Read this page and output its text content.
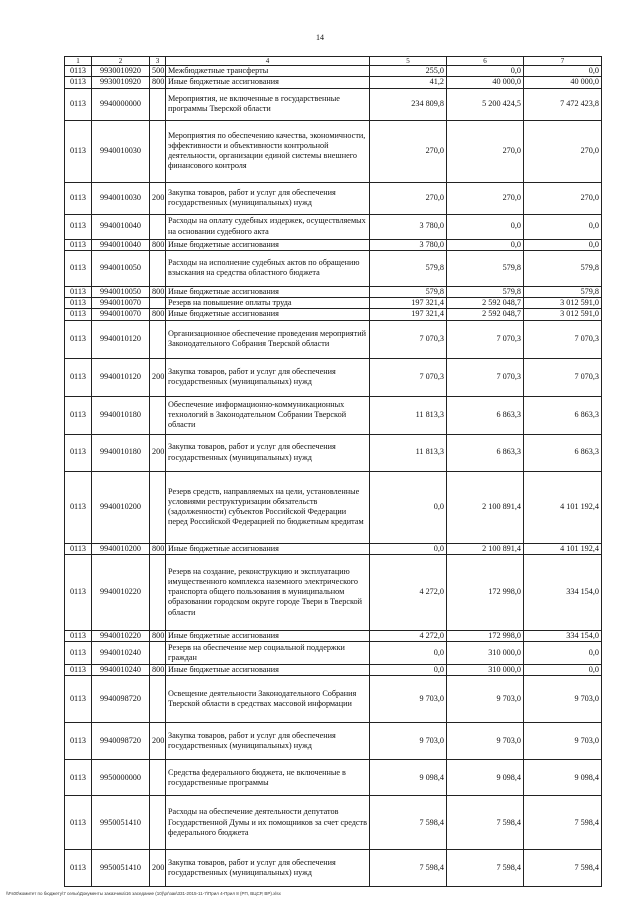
14
1	2	3	4	5	6	7
0113	9930010920	500	Межбюджетные трансферты	255,0	0,0	0,0
0113	9930010920	800	Иные бюджетные ассигнования	41,2	40 000,0	40 000,0
0113	9940000000		Мероприятия, не включенные в государственные программы Тверской области	234 809,8	5 200 424,5	7 472 423,8
0113	9940010030		Мероприятия по обеспечению качества, экономичности, эффективности и объективности контрольной деятельности, организации единой системы внешнего финансового контроля	270,0	270,0	270,0
0113	9940010030	200	Закупка товаров, работ и услуг для обеспечения государственных (муниципальных) нужд	270,0	270,0	270,0
0113	9940010040		Расходы на оплату судебных издержек, осуществляемых на основании судебного акта	3 780,0	0,0	0,0
0113	9940010040	800	Иные бюджетные ассигнования	3 780,0	0,0	0,0
0113	9940010050		Расходы на исполнение судебных актов по обращению взыскания на средства областного бюджета	579,8	579,8	579,8
0113	9940010050	800	Иные бюджетные ассигнования	579,8	579,8	579,8
0113	9940010070		Резерв на повышение оплаты труда	197 321,4	2 592 048,7	3 012 591,0
0113	9940010070	800	Иные бюджетные ассигнования	197 321,4	2 592 048,7	3 012 591,0
0113	9940010120		Организационное обеспечение проведения мероприятий Законодательного Собрания Тверской области	7 070,3	7 070,3	7 070,3
0113	9940010120	200	Закупка товаров, работ и услуг для обеспечения государственных (муниципальных) нужд	7 070,3	7 070,3	7 070,3
0113	9940010180		Обеспечение информационно-коммуникационных технологий в Законодательном Собрании Тверской области	11 813,3	6 863,3	6 863,3
0113	9940010180	200	Закупка товаров, работ и услуг для обеспечения государственных (муниципальных) нужд	11 813,3	6 863,3	6 863,3
0113	9940010200		Резерв средств, направляемых на цели, установленные условиями реструктуризации обязательств (задолженности) субъектов Российской Федерации перед Российской Федерацией по бюджетным кредитам	0,0	2 100 891,4	4 101 192,4
0113	9940010200	800	Иные бюджетные ассигнования	0,0	2 100 891,4	4 101 192,4
0113	9940010220		Резерв на создание, реконструкцию и эксплуатацию имущественного комплекса наземного электрического транспорта общего пользования в муниципальном образовании городском округе городе Твери в Тверской области	4 272,0	172 998,0	334 154,0
0113	9940010220	800	Иные бюджетные ассигнования	4 272,0	172 998,0	334 154,0
0113	9940010240		Резерв на обеспечение мер социальной поддержки граждан	0,0	310 000,0	0,0
0113	9940010240	800	Иные бюджетные ассигнования	0,0	310 000,0	0,0
0113	9940098720		Освещение деятельности Законодательного Собрания Тверской области в средствах массовой информации	9 703,0	9 703,0	9 703,0
0113	9940098720	200	Закупка товаров, работ и услуг для обеспечения государственных (муниципальных) нужд	9 703,0	9 703,0	9 703,0
0113	9950000000		Средства федерального бюджета, не включенные в государственные программы	9 098,4	9 098,4	9 098,4
0113	9950051410		Расходы на обеспечение деятельности депутатов Государственной Думы и их помощников за счет средств федерального бюджета	7 598,4	7 598,4	7 598,4
0113	9950051410	200	Закупка товаров, работ и услуг для обеспечения государственных (муниципальных) нужд	7 598,4	7 598,4	7 598,4
\\Fs00\комитет по бюджету\7 сельк\Документы заказчика\16 заседание (10)\pr\зак\331-2015-11-7\Прил 4-Прил 8 (РП, ВЦСР, ВР).xlsx
